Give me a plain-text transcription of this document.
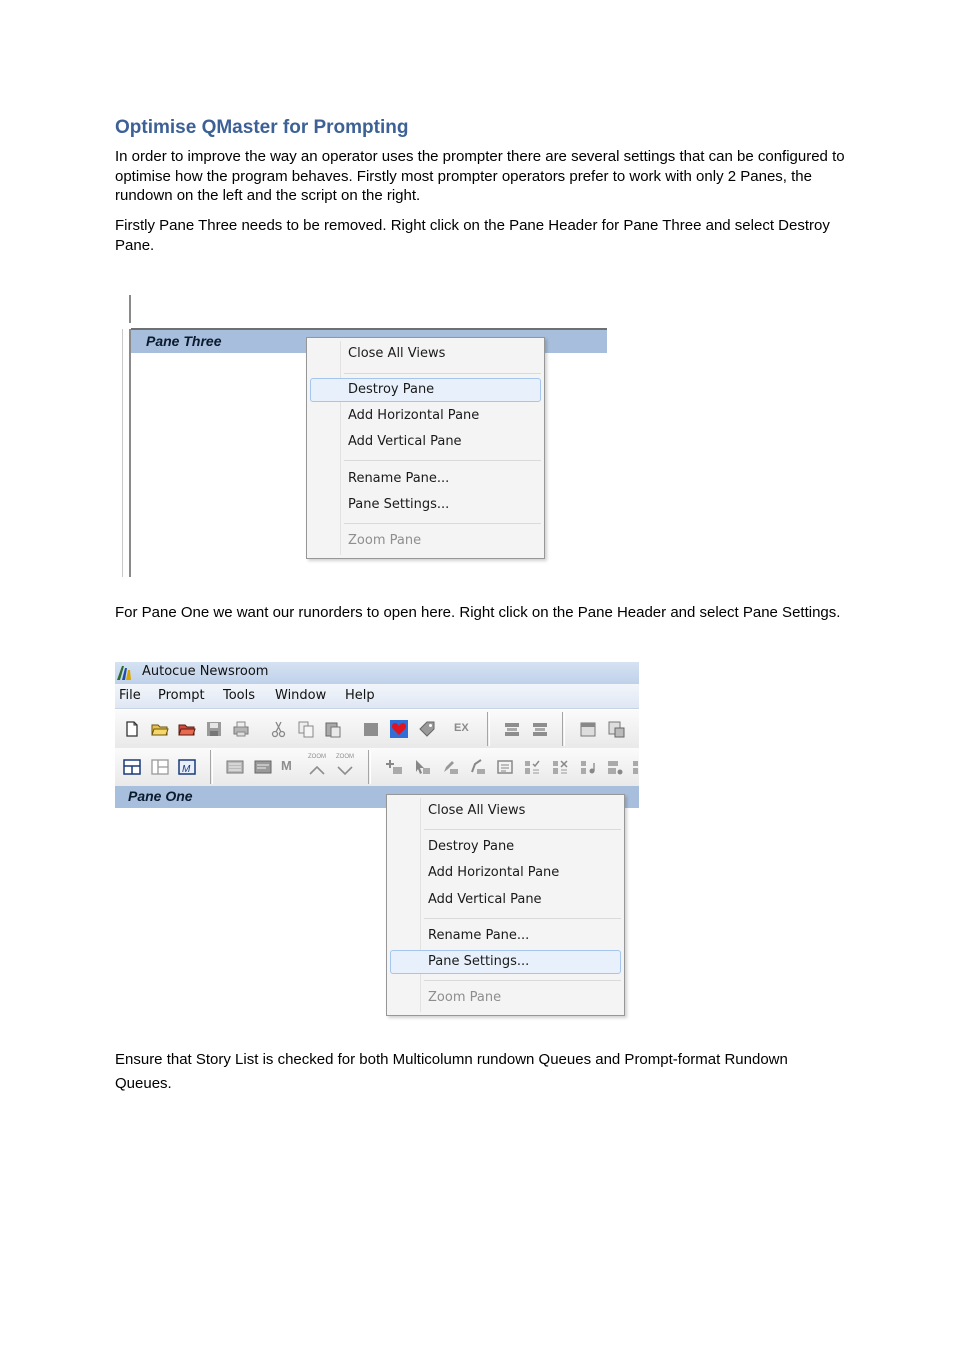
Optimise QMaster for Prompting

In order to improve the way an operator uses the prompter there are several settings that can be configured to optimise how the program behaves. Firstly most prompter operators prefer to work with only 2 Panes, the rundown on the left and the script on the right.

Firstly Pane Three needs to be removed. Right click on the Pane Header for Pane Three and select Destroy Pane.

Pane Three
Close All Views
Destroy Pane
Add Horizontal Pane
Add Vertical Pane
Rename Pane...
Pane Settings...
Zoom Pane

For Pane One we want our runorders to open here. Right click on the Pane Header and select Pane Settings.

Autocue Newsroom
File Prompt Tools Window Help
EX
M	M
ZOOM	ZOOM
Pane One
Close All Views
Destroy Pane
Add Horizontal Pane
Add Vertical Pane
Rename Pane...
Pane Settings...
Zoom Pane

Ensure that Story List is checked for both Multicolumn rundown Queues and Prompt-format Rundown Queues.
